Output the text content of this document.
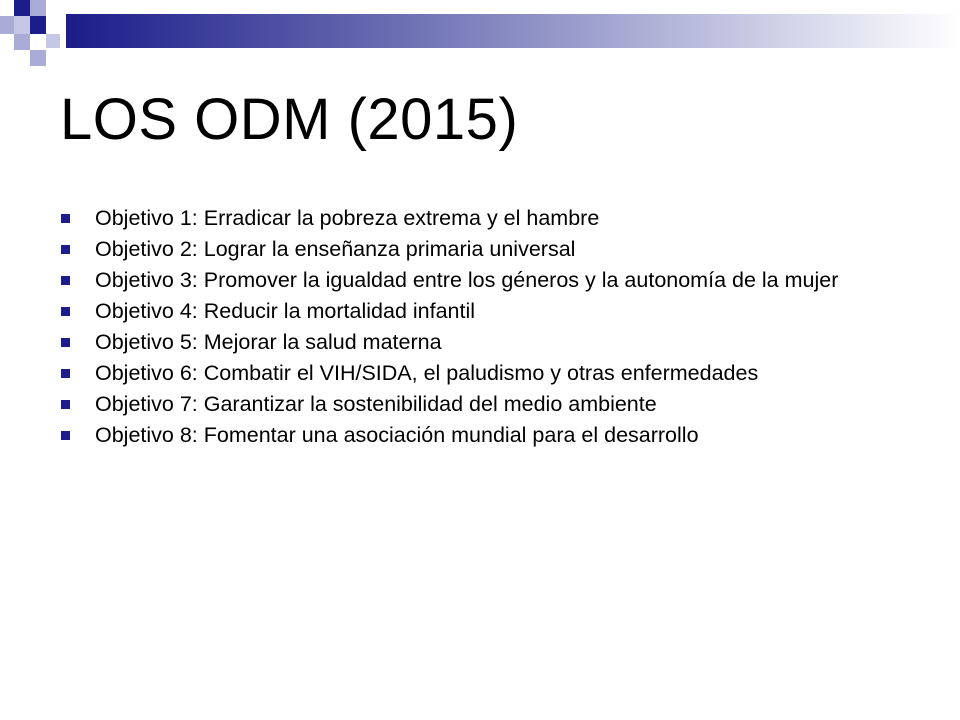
LOS ODM (2015)
Objetivo 1: Erradicar la pobreza extrema y el hambre
Objetivo 2: Lograr la enseñanza primaria universal
Objetivo 3: Promover la igualdad entre los géneros y la autonomía de la mujer
Objetivo 4: Reducir la mortalidad infantil
Objetivo 5: Mejorar la salud materna
Objetivo 6: Combatir el VIH/SIDA, el paludismo y otras enfermedades
Objetivo 7: Garantizar la sostenibilidad del medio ambiente
Objetivo 8: Fomentar una asociación mundial para el desarrollo
